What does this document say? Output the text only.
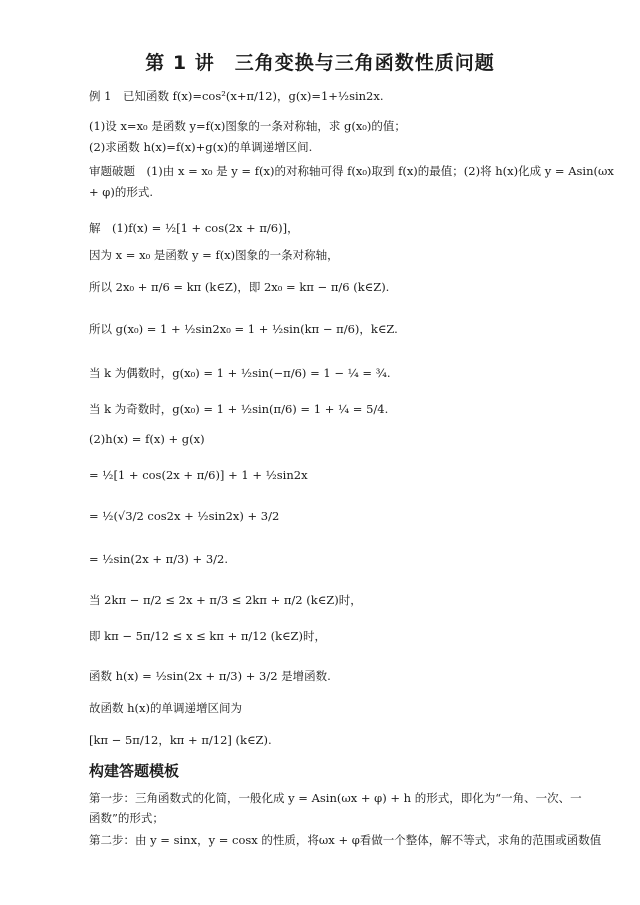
第 1 讲　三角变换与三角函数性质问题
例 1　已知函数 f(x)=cos²(x+π/12)，g(x)=1+½sin2x.
(1)设 x=x₀ 是函数 y=f(x)图象的一条对称轴，求 g(x₀)的值；
(2)求函数 h(x)=f(x)+g(x)的单调递增区间.
审题破题　(1)由 x = x₀ 是 y = f(x)的对称轴可得 f(x₀)取到 f(x)的最值；(2)将 h(x)化成 y = Asin(ωx
+ φ)的形式.
解　(1)f(x) = ½[1 + cos(2x + π/6)]，
因为 x = x₀ 是函数 y = f(x)图象的一条对称轴，
所以 2x₀ + π/6 = kπ (k∈Z)，即 2x₀ = kπ − π/6 (k∈Z).
所以 g(x₀) = 1 + ½sin2x₀ = 1 + ½sin(kπ − π/6)，k∈Z.
当 k 为偶数时，g(x₀) = 1 + ½sin(−π/6) = 1 − ¼ = ¾.
当 k 为奇数时，g(x₀) = 1 + ½sin(π/6) = 1 + ¼ = 5/4.
(2)h(x) = f(x) + g(x)
= ½[1 + cos(2x + π/6)] + 1 + ½sin2x
= ½(√3/2 cos2x + ½sin2x) + 3/2
= ½sin(2x + π/3) + 3/2.
当 2kπ − π/2 ≤ 2x + π/3 ≤ 2kπ + π/2 (k∈Z)时，
即 kπ − 5π/12 ≤ x ≤ kπ + π/12 (k∈Z)时，
函数 h(x) = ½sin(2x + π/3) + 3/2 是增函数.
故函数 h(x)的单调递增区间为
[kπ − 5π/12，kπ + π/12] (k∈Z).
构建答题模板
第一步：三角函数式的化简，一般化成 y = Asin(ωx + φ) + h 的形式，即化为“一角、一次、一
函数”的形式；
第二步：由 y = sinx，y = cosx 的性质，将ωx + φ看做一个整体，解不等式，求角的范围或函数值
